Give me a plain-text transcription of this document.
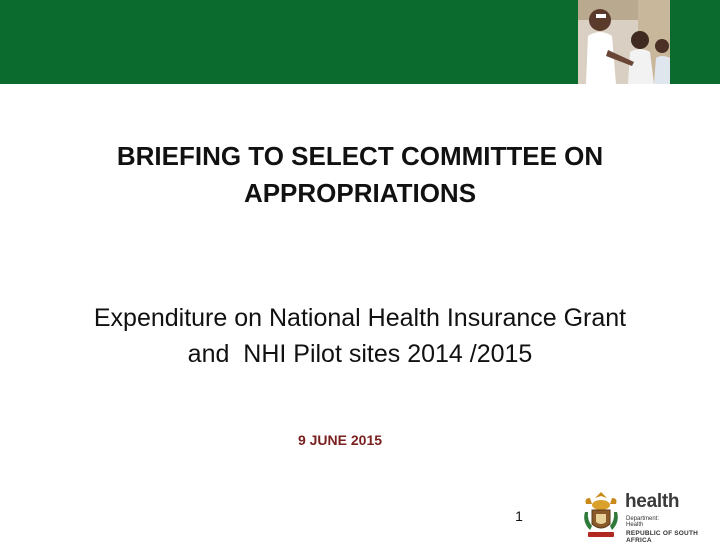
BRIEFING TO SELECT COMMITTEE ON
APPROPRIATIONS
Expenditure on National Health Insurance Grant
and  NHI Pilot sites 2014 /2015
9 JUNE 2015
1
health
Department:
Health
REPUBLIC OF SOUTH AFRICA
